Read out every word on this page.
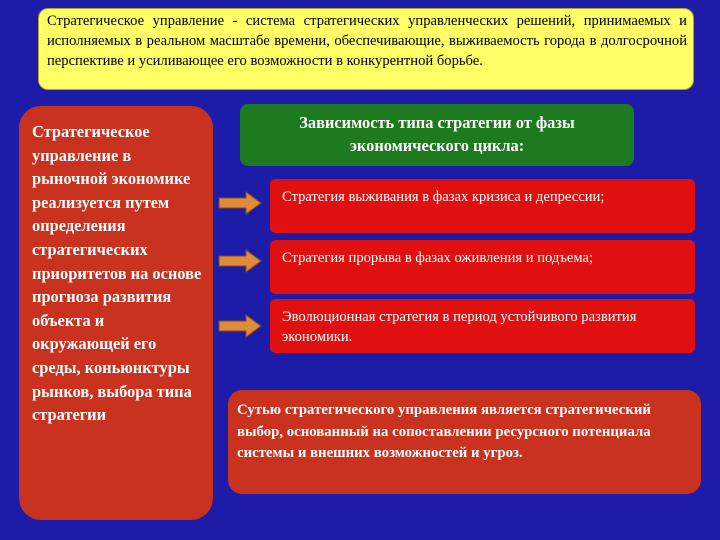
Стратегическое управление - система стратегических управленческих решений, принимаемых и исполняемых в реальном масштабе времени, обеспечивающие, выживаемость города в долгосрочной перспективе и усиливающее его возможности в конкурентной борьбе.
Стратегическое управление в рыночной экономике реализуется путем определения стратегических приоритетов на основе прогноза развития объекта и окружающей его среды, коньюнктуры рынков, выбора типа стратегии
Зависимость типа стратегии от фазы экономического цикла:
Стратегия выживания в фазах кризиса и депрессии;
Стратегия прорыва в фазах оживления и подъема;
Эволюционная стратегия в период устойчивого развития экономики.
Сутью стратегического управления является стратегический выбор, основанный на сопоставлении ресурсного потенциала системы и внешних возможностей и угроз.
